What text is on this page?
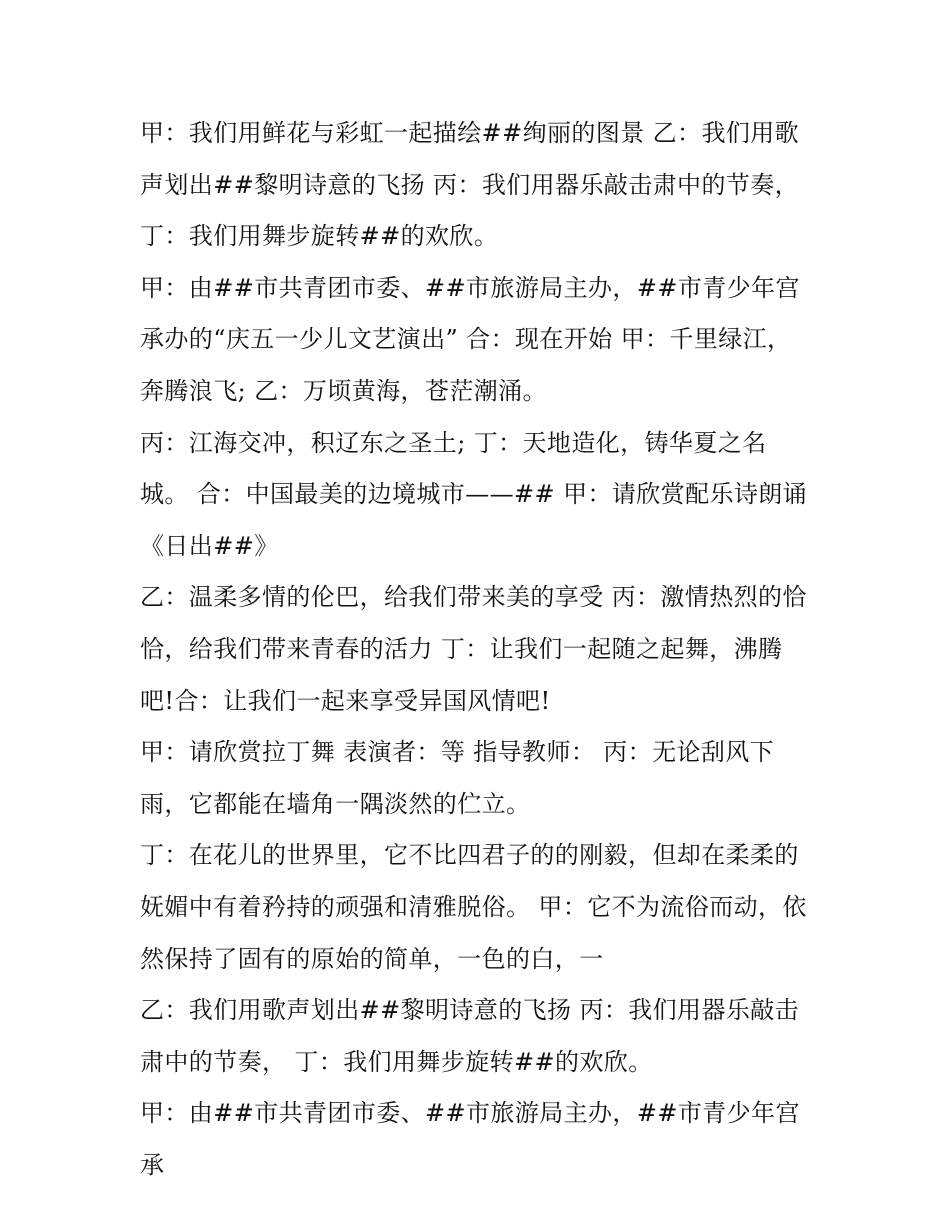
甲：我们用鲜花与彩虹一起描绘##绚丽的图景 乙：我们用歌声划出##黎明诗意的飞扬 丙：我们用器乐敲击肃中的节奏，丁：我们用舞步旋转##的欢欣。

甲：由##市共青团市委、##市旅游局主办，##市青少年宫承办的“庆五一少儿文艺演出” 合：现在开始 甲：千里绿江，奔腾浪飞; 乙：万顷黄海，苍茫潮涌。

丙：江海交冲，积辽东之圣土; 丁：天地造化，铸华夏之名城。 合：中国最美的边境城市——## 甲：请欣赏配乐诗朗诵《日出##》

乙：温柔多情的伦巴，给我们带来美的享受 丙：激情热烈的恰恰，给我们带来青春的活力 丁：让我们一起随之起舞，沸腾吧!合：让我们一起来享受异国风情吧!

甲：请欣赏拉丁舞 表演者：等 指导教师： 丙：无论刮风下雨，它都能在墙角一隅淡然的伫立。

丁：在花儿的世界里，它不比四君子的的刚毅，但却在柔柔的妩媚中有着矜持的顽强和清雅脱俗。 甲：它不为流俗而动，依然保持了固有的原始的简单，一色的白，一

乙：我们用歌声划出##黎明诗意的飞扬 丙：我们用器乐敲击肃中的节奏， 丁：我们用舞步旋转##的欢欣。

甲：由##市共青团市委、##市旅游局主办，##市青少年宫承
